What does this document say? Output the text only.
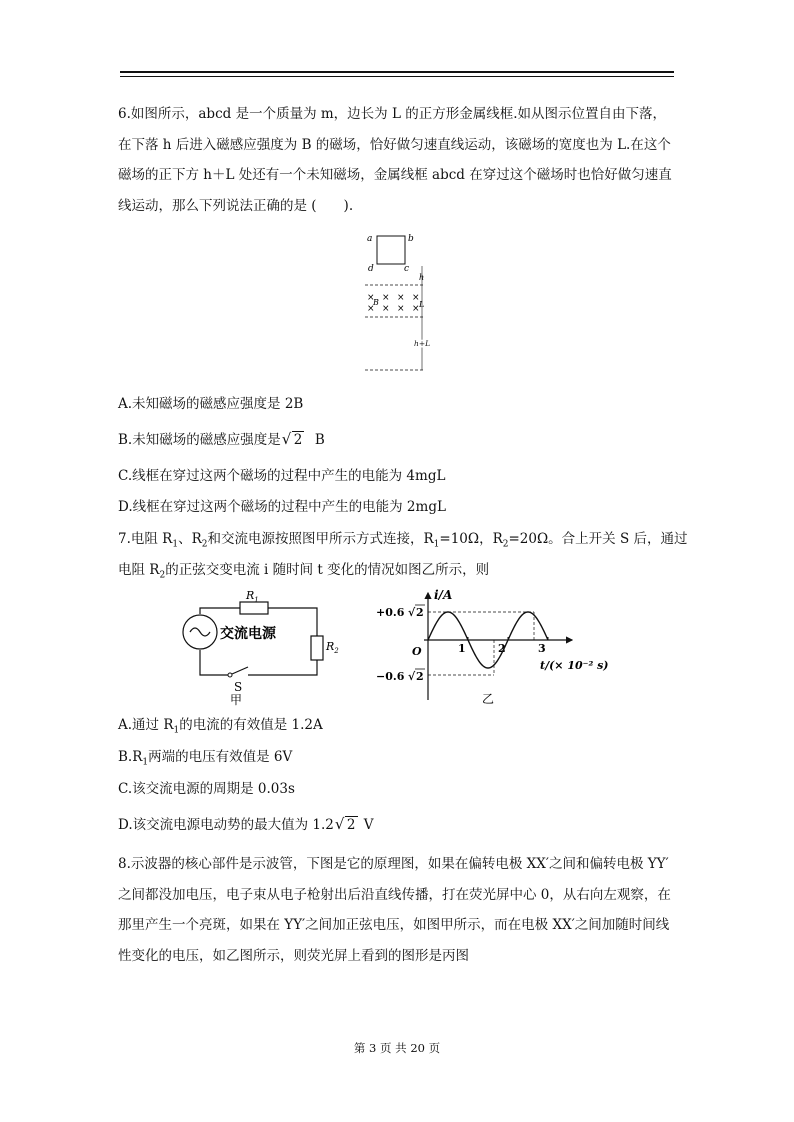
6.如图所示，abcd 是一个质量为 m，边长为 L 的正方形金属线框.如从图示位置自由下落，在下落 h 后进入磁感应强度为 B 的磁场，恰好做匀速直线运动，该磁场的宽度也为 L.在这个磁场的正下方 h＋L 处还有一个未知磁场，金属线框 abcd 在穿过这个磁场时也恰好做匀速直线运动，那么下列说法正确的是 (　　).

a	b
c
d
× × × ×
× × × ×
B
h
L
h+L
A.未知磁场的磁感应强度是 2B
B.未知磁场的磁感应强度是 √ 2 B
C.线框在穿过这两个磁场的过程中产生的电能为 4mgL
D.线框在穿过这两个磁场的过程中产生的电能为 2mgL
7.电阻 $R_1$、$R_2$和交流电源按照图甲所示方式连接，$R_1=10\Omega$，$R_2=20\Omega$。合上开关 S 后，通过
电阻 $R_2$的正弦交变电流 i 随时间 t 变化的情况如图乙所示，则
$R_1$
$R_2$
交流电源
S
甲
i/A
O
+0.6 √ 2
−0.6 √ 2
1	2	3
t/(× 10⁻² s)
乙
A.通过 $R_1$的电流的有效值是 1.2A
$B.R_1$两端的电压有效值是 6V
C.该交流电源的周期是 0.03s
D.该交流电源电动势的最大值为 1.2 √ 2 V

8.示波器的核心部件是示波管，下图是它的原理图，如果在偏转电极 XX′之间和偏转电极 YY′之间都没加电压，电子束从电子枪射出后沿直线传播，打在荧光屏中心 0，从右向左观察，在那里产生一个亮斑，如果在 YY′之间加正弦电压，如图甲所示，而在电极 XX′之间加随时间线性变化的电压，如乙图所示，则荧光屏上看到的图形是丙图

第 3 页 共 20 页
